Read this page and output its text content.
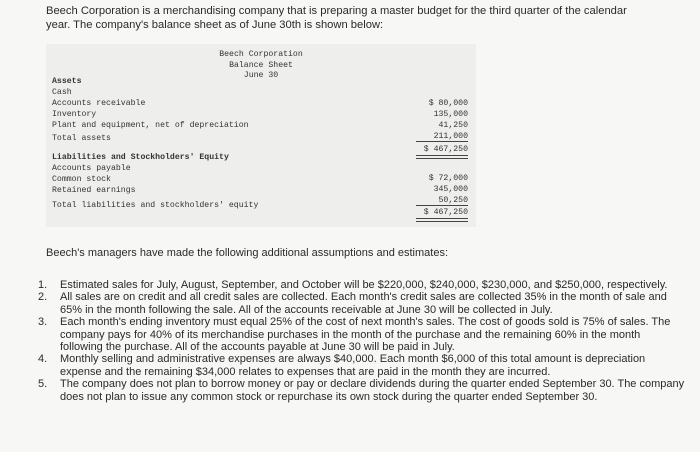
Beech Corporation is a merchandising company that is preparing a master budget for the third quarter of the calendar year. The company's balance sheet as of June 30th is shown below:
Beech Corporation
Balance Sheet
June 30
Assets
Cash
Accounts receivable
Inventory
Plant and equipment, net of depreciation
Total assets
$ 80,000
135,000
41,250
211,000
$ 467,250
Liabilities and Stockholders' Equity
Accounts payable
Common stock
Retained earnings
Total liabilities and stockholders' equity
$ 72,000
345,000
50,250
$ 467,250
Beech's managers have made the following additional assumptions and estimates:
1. Estimated sales for July, August, September, and October will be $220,000, $240,000, $230,000, and $250,000, respectively.
2. All sales are on credit and all credit sales are collected. Each month's credit sales are collected 35% in the month of sale and 65% in the month following the sale. All of the accounts receivable at June 30 will be collected in July.
3. Each month's ending inventory must equal 25% of the cost of next month's sales. The cost of goods sold is 75% of sales. The company pays for 40% of its merchandise purchases in the month of the purchase and the remaining 60% in the month following the purchase. All of the accounts payable at June 30 will be paid in July.
4. Monthly selling and administrative expenses are always $40,000. Each month $6,000 of this total amount is depreciation expense and the remaining $34,000 relates to expenses that are paid in the month they are incurred.
5. The company does not plan to borrow money or pay or declare dividends during the quarter ended September 30. The company does not plan to issue any common stock or repurchase its own stock during the quarter ended September 30.
